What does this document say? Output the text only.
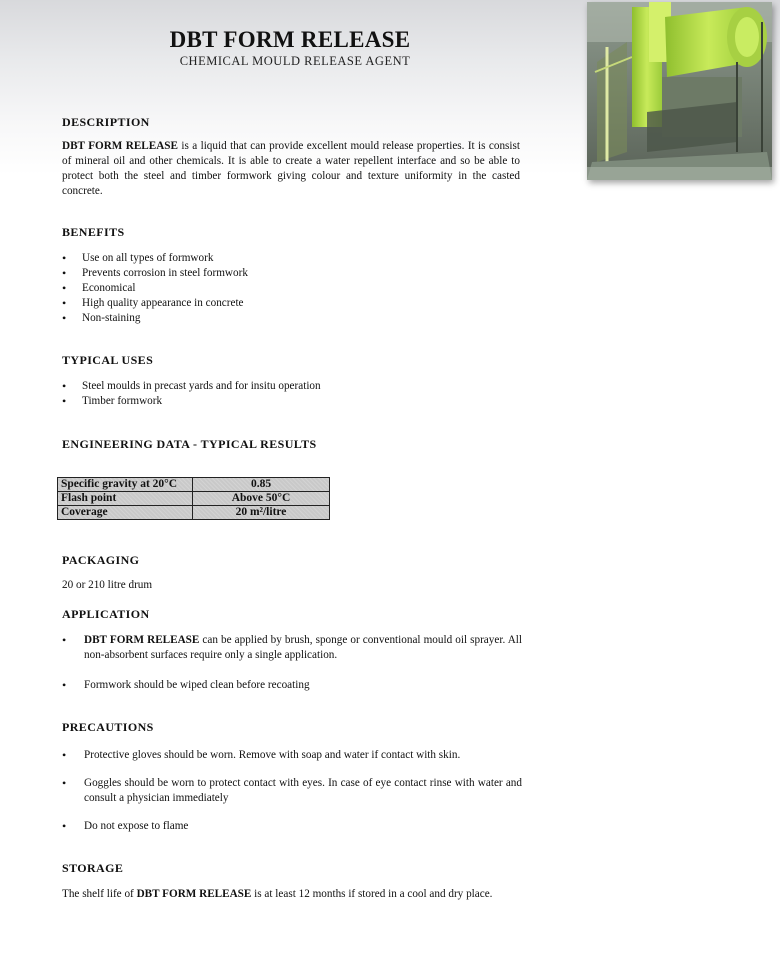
DBT FORM RELEASE
CHEMICAL MOULD RELEASE AGENT
DESCRIPTION
DBT FORM RELEASE is a liquid that can provide excellent mould release properties. It is consist of mineral oil and other chemicals. It is able to create a water repellent interface and so be able to protect both the steel and timber formwork giving colour and texture uniformity in the casted concrete.
BENEFITS
• Use on all types of formwork
• Prevents corrosion in steel formwork
• Economical
• High quality appearance in concrete
• Non-staining
TYPICAL USES
• Steel moulds in precast yards and for insitu operation
• Timber formwork
ENGINEERING DATA - TYPICAL RESULTS
Specific gravity at 20°C	0.85
Flash point	Above 50°C
Coverage	20 m²/litre
PACKAGING
20 or 210 litre drum
APPLICATION
•	DBT FORM RELEASE can be applied by brush, sponge or conventional mould oil sprayer. All non-absorbent surfaces require only a single application.
•	Formwork should be wiped clean before recoating
PRECAUTIONS
•	Protective gloves should be worn. Remove with soap and water if contact with skin.
•	Goggles should be worn to protect contact with eyes. In case of eye contact rinse with water and consult a physician immediately
•	Do not expose to flame
STORAGE
The shelf life of DBT FORM RELEASE is at least 12 months if stored in a cool and dry place.
